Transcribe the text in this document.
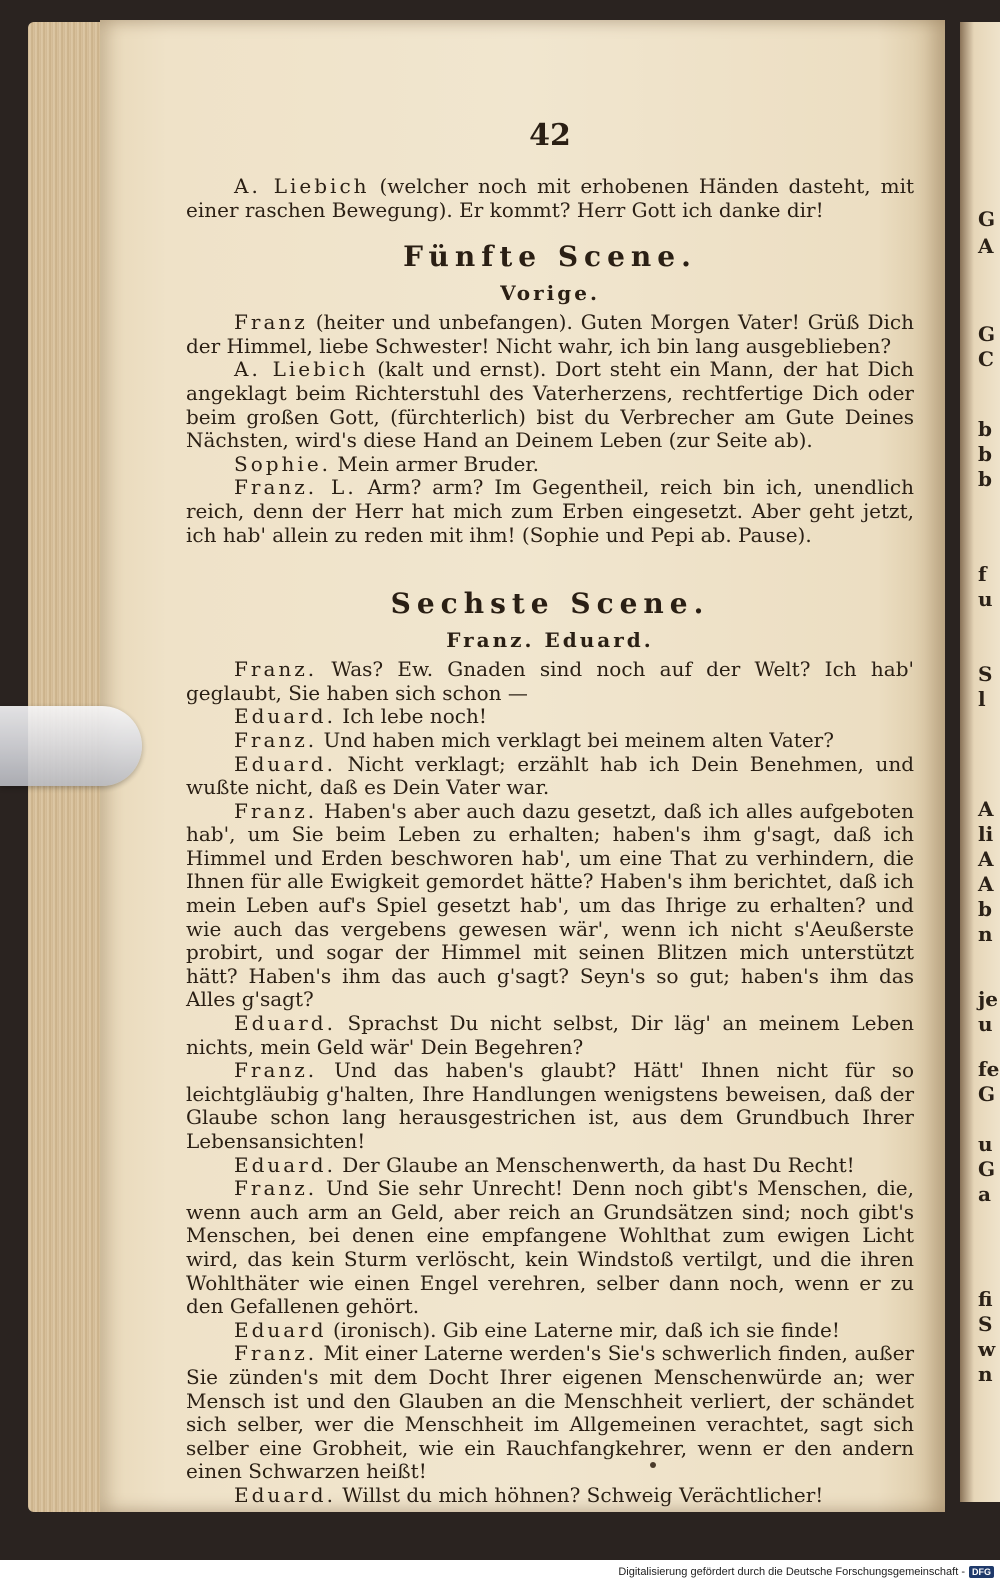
G
A
G
C
b
b
b
f
u
S
l
A
li
A
A
b
n
je
u
fe
G
u
G
a
fi
S
w
n
42

A. Liebich (welcher noch mit erhobenen Händen dasteht, mit einer raschen Bewegung). Er kommt? Herr Gott ich danke dir!

Fünfte Scene.
Vorige.

Franz (heiter und unbefangen). Guten Morgen Vater! Grüß Dich der Himmel, liebe Schwester! Nicht wahr, ich bin lang ausgeblieben?

A. Liebich (kalt und ernst). Dort steht ein Mann, der hat Dich angeklagt beim Richterstuhl des Vaterherzens, rechtfertige Dich oder beim großen Gott, (fürchterlich) bist du Verbrecher am Gute Deines Nächsten, wird's diese Hand an Deinem Leben (zur Seite ab).

Sophie. Mein armer Bruder.

Franz. L. Arm? arm? Im Gegentheil, reich bin ich, unendlich reich, denn der Herr hat mich zum Erben eingesetzt. Aber geht jetzt, ich hab' allein zu reden mit ihm! (Sophie und Pepi ab. Pause).

Sechste Scene.
Franz. Eduard.

Franz. Was? Ew. Gnaden sind noch auf der Welt? Ich hab' geglaubt, Sie haben sich schon —

Eduard. Ich lebe noch!

Franz. Und haben mich verklagt bei meinem alten Vater?

Eduard. Nicht verklagt; erzählt hab ich Dein Benehmen, und wußte nicht, daß es Dein Vater war.

Franz. Haben's aber auch dazu gesetzt, daß ich alles aufgeboten hab', um Sie beim Leben zu erhalten; haben's ihm g'sagt, daß ich Himmel und Erden beschworen hab', um eine That zu verhindern, die Ihnen für alle Ewigkeit gemordet hätte? Haben's ihm berichtet, daß ich mein Leben auf's Spiel gesetzt hab', um das Ihrige zu erhalten? und wie auch das vergebens gewesen wär', wenn ich nicht s'Aeußerste probirt, und sogar der Himmel mit seinen Blitzen mich unterstützt hätt? Haben's ihm das auch g'sagt? Seyn's so gut; haben's ihm das Alles g'sagt?

Eduard. Sprachst Du nicht selbst, Dir läg' an meinem Leben nichts, mein Geld wär' Dein Begehren?

Franz. Und das haben's glaubt? Hätt' Ihnen nicht für so leichtgläubig g'halten, Ihre Handlungen wenigstens beweisen, daß der Glaube schon lang herausgestrichen ist, aus dem Grundbuch Ihrer Lebensansichten!

Eduard. Der Glaube an Menschenwerth, da hast Du Recht!

Franz. Und Sie sehr Unrecht! Denn noch gibt's Menschen, die, wenn auch arm an Geld, aber reich an Grundsätzen sind; noch gibt's Menschen, bei denen eine empfangene Wohlthat zum ewigen Licht wird, das kein Sturm verlöscht, kein Windstoß vertilgt, und die ihren Wohlthäter wie einen Engel verehren, selber dann noch, wenn er zu den Gefallenen gehört.

Eduard (ironisch). Gib eine Laterne mir, daß ich sie finde!

Franz. Mit einer Laterne werden's Sie's schwerlich finden, außer Sie zünden's mit dem Docht Ihrer eigenen Menschenwürde an; wer Mensch ist und den Glauben an die Menschheit verliert, der schändet sich selber, wer die Menschheit im Allgemeinen verachtet, sagt sich selber eine Grobheit, wie ein Rauchfangkehrer, wenn er den andern einen Schwarzen heißt!

Eduard. Willst du mich höhnen? Schweig Verächtlicher!

Digitalisierung gefördert durch die Deutsche Forschungsgemeinschaft - DFG
